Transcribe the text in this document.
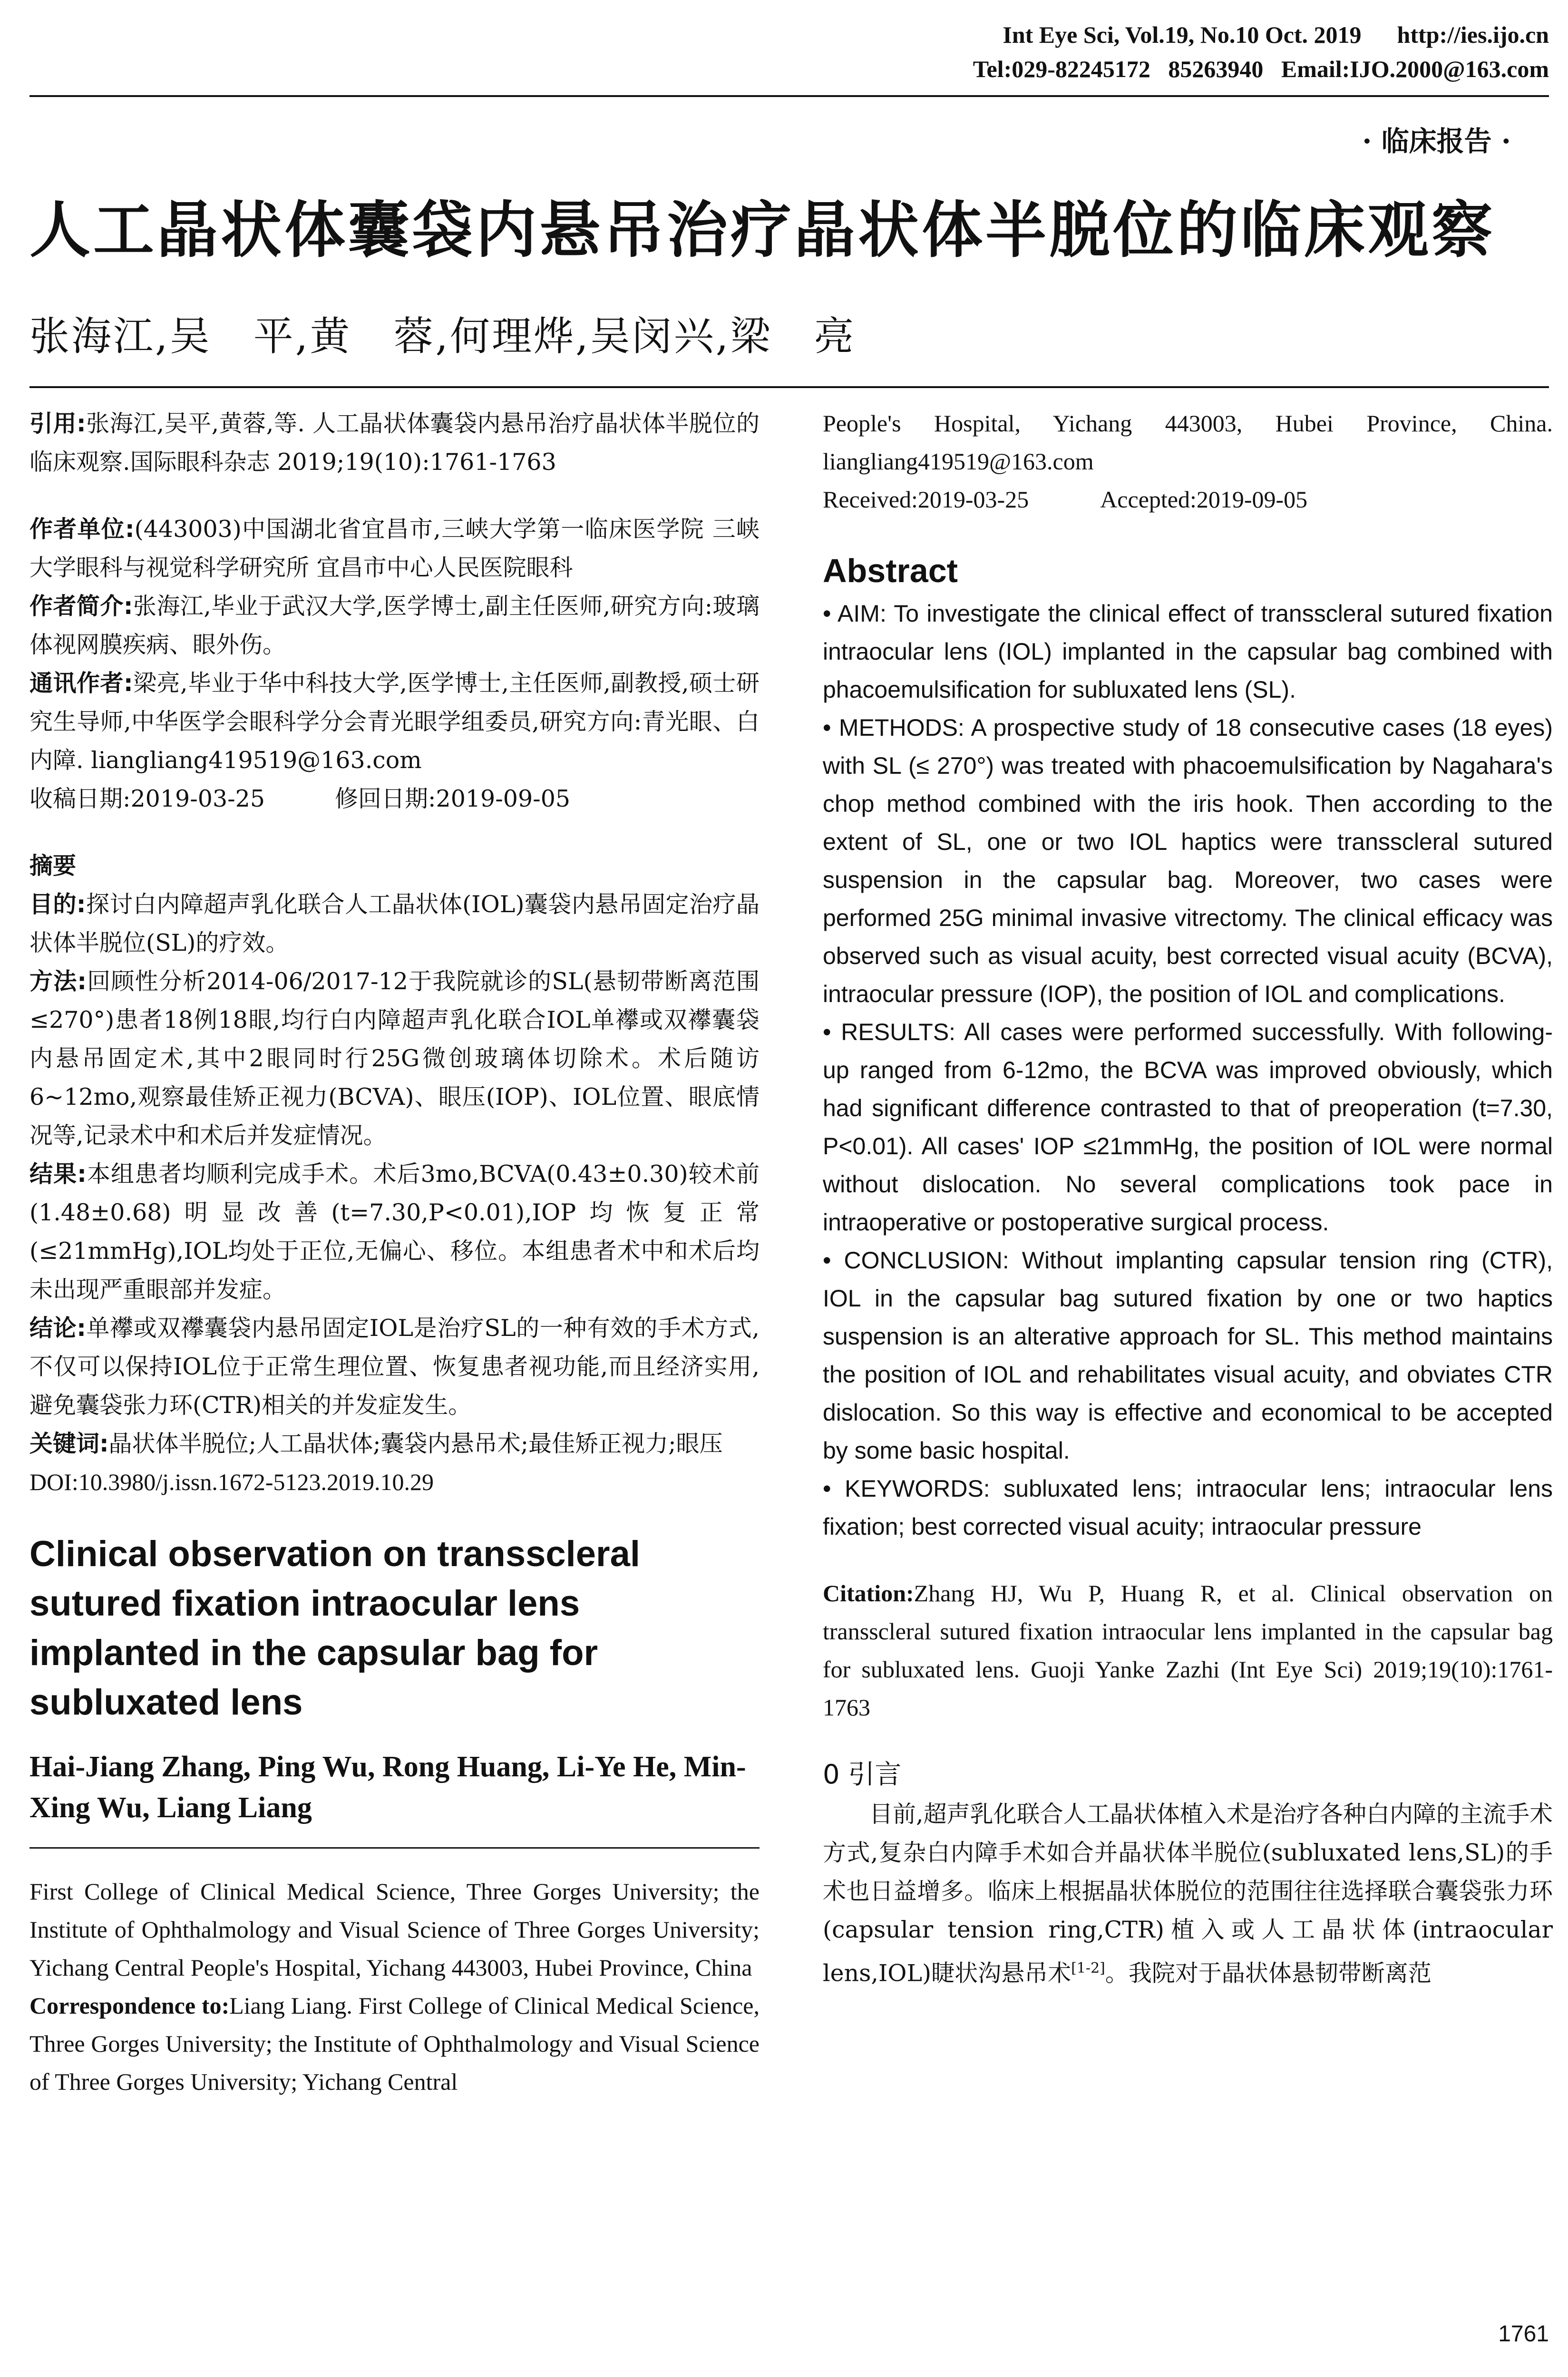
Int Eye Sci, Vol.19, No.10 Oct. 2019      http://ies.ijo.cn
Tel:029-82245172   85263940   Email:IJO.2000@163.com
· 临床报告 ·
人工晶状体囊袋内悬吊治疗晶状体半脱位的临床观察
张海江,吴　平,黄　蓉,何理烨,吴闵兴,梁　亮

引用:张海江,吴平,黄蓉,等. 人工晶状体囊袋内悬吊治疗晶状体半脱位的临床观察.国际眼科杂志 2019;19(10):1761-1763

作者单位:(443003)中国湖北省宜昌市,三峡大学第一临床医学院 三峡大学眼科与视觉科学研究所 宜昌市中心人民医院眼科

作者简介:张海江,毕业于武汉大学,医学博士,副主任医师,研究方向:玻璃体视网膜疾病、眼外伤。

通讯作者:梁亮,毕业于华中科技大学,医学博士,主任医师,副教授,硕士研究生导师,中华医学会眼科学分会青光眼学组委员,研究方向:青光眼、白内障. liangliang419519@163.com

收稿日期:2019-03-25　　　修回日期:2019-09-05

摘要

目的:探讨白内障超声乳化联合人工晶状体(IOL)囊袋内悬吊固定治疗晶状体半脱位(SL)的疗效。

方法:回顾性分析2014-06/2017-12于我院就诊的SL(悬韧带断离范围≤270°)患者18例18眼,均行白内障超声乳化联合IOL单襻或双襻囊袋内悬吊固定术,其中2眼同时行25G微创玻璃体切除术。术后随访6~12mo,观察最佳矫正视力(BCVA)、眼压(IOP)、IOL位置、眼底情况等,记录术中和术后并发症情况。

结果:本组患者均顺利完成手术。术后3mo,BCVA(0.43±0.30)较术前(1.48±0.68)明显改善(t=7.30,P<0.01),IOP均恢复正常(≤21mmHg),IOL均处于正位,无偏心、移位。本组患者术中和术后均未出现严重眼部并发症。

结论:单襻或双襻囊袋内悬吊固定IOL是治疗SL的一种有效的手术方式,不仅可以保持IOL位于正常生理位置、恢复患者视功能,而且经济实用,避免囊袋张力环(CTR)相关的并发症发生。

关键词:晶状体半脱位;人工晶状体;囊袋内悬吊术;最佳矫正视力;眼压

DOI:10.3980/j.issn.1672-5123.2019.10.29

Clinical observation on transscleral sutured fixation intraocular lens implanted in the capsular bag for subluxated lens

Hai-Jiang Zhang, Ping Wu, Rong Huang, Li-Ye He, Min-Xing Wu, Liang Liang

First College of Clinical Medical Science, Three Gorges University; the Institute of Ophthalmology and Visual Science of Three Gorges University; Yichang Central People's Hospital, Yichang 443003, Hubei Province, China

Correspondence to:Liang Liang. First College of Clinical Medical Science, Three Gorges University; the Institute of Ophthalmology and Visual Science of Three Gorges University; Yichang Central

People's Hospital, Yichang 443003, Hubei Province, China. liangliang419519@163.com

Received:2019-03-25　　　Accepted:2019-09-05

Abstract

• AIM: To investigate the clinical effect of transscleral sutured fixation intraocular lens (IOL) implanted in the capsular bag combined with phacoemulsification for subluxated lens (SL).

• METHODS: A prospective study of 18 consecutive cases (18 eyes) with SL (≤ 270°) was treated with phacoemulsification by Nagahara's chop method combined with the iris hook. Then according to the extent of SL, one or two IOL haptics were transscleral sutured suspension in the capsular bag. Moreover, two cases were performed 25G minimal invasive vitrectomy. The clinical efficacy was observed such as visual acuity, best corrected visual acuity (BCVA), intraocular pressure (IOP), the position of IOL and complications.

• RESULTS: All cases were performed successfully. With following-up ranged from 6-12mo, the BCVA was improved obviously, which had significant difference contrasted to that of preoperation (t=7.30, P<0.01). All cases' IOP ≤21mmHg, the position of IOL were normal without dislocation. No several complications took pace in intraoperative or postoperative surgical process.

• CONCLUSION: Without implanting capsular tension ring (CTR), IOL in the capsular bag sutured fixation by one or two haptics suspension is an alterative approach for SL. This method maintains the position of IOL and rehabilitates visual acuity, and obviates CTR dislocation. So this way is effective and economical to be accepted by some basic hospital.

• KEYWORDS: subluxated lens; intraocular lens; intraocular lens fixation; best corrected visual acuity; intraocular pressure

Citation:Zhang HJ, Wu P, Huang R, et al. Clinical observation on transscleral sutured fixation intraocular lens implanted in the capsular bag for subluxated lens. Guoji Yanke Zazhi (Int Eye Sci) 2019;19(10):1761-1763

0 引言

目前,超声乳化联合人工晶状体植入术是治疗各种白内障的主流手术方式,复杂白内障手术如合并晶状体半脱位(subluxated lens,SL)的手术也日益增多。临床上根据晶状体脱位的范围往往选择联合囊袋张力环(capsular tension ring,CTR)植入或人工晶状体(intraocular lens,IOL)睫状沟悬吊术[1-2]。我院对于晶状体悬韧带断离范

1761
